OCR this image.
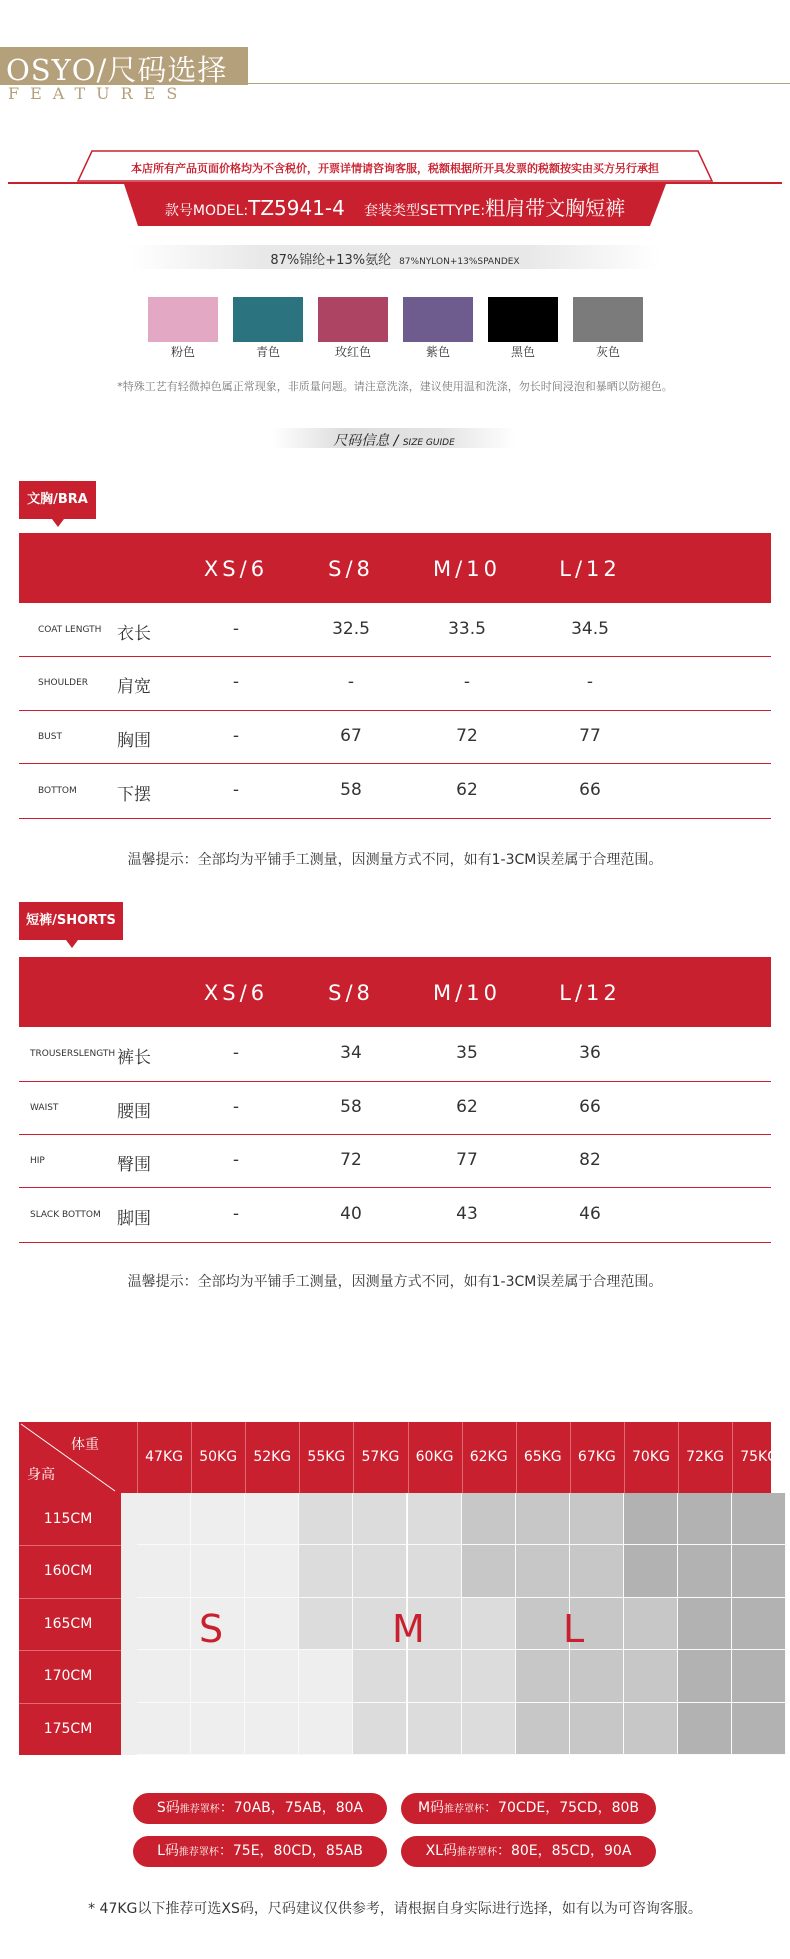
OSYO/尺码选择
FEATURES
本店所有产品页面价格均为不含税价，开票详情请咨询客服，税额根据所开具发票的税额按实由买方另行承担
款号MODEL:TZ5941-4 套装类型SETTYPE:粗肩带文胸短裤
87%锦纶+13%氨纶 87%NYLON+13%SPANDEX
粉色	青色	玫红色	紫色	黑色	灰色
*特殊工艺有轻微掉色属正常现象，非质量问题。请注意洗涤，建议使用温和洗涤，勿长时间浸泡和暴晒以防褪色。
尺码信息 / SIZE GUIDE
文胸/BRA
XS/6	S/8	M/10	L/12
COAT LENGTH 衣长	-	32.5	33.5	34.5
SHOULDER 肩宽	-	-	-	-
BUST	胸围	-	67	72	77
BOTTOM 下摆	-	58	62	66
温馨提示：全部均为平铺手工测量，因测量方式不同，如有1-3CM误差属于合理范围。
短裤/SHORTS
XS/6	S/8	M/10	L/12
TROUSERSLENGTH 裤长	-	34	35	36
WAIST	腰围	-	58	62	66
HIP	臀围	-	72	77	82
SLACK BOTTOM 脚围	-	40	43	46
温馨提示：全部均为平铺手工测量，因测量方式不同，如有1-3CM误差属于合理范围。
体重
身高
47KG	50KG	52KG	55KG	57KG	60KG	62KG	65KG	67KG	70KG	72KG	75KG
115CM
160CM
165CM
170CM
175CM
S	M	L
S码推荐罩杯：70AB，75AB，80A	M码推荐罩杯：70CDE，75CD，80B
L码推荐罩杯：75E，80CD，85AB	XL码推荐罩杯：80E，85CD，90A
* 47KG以下推荐可选XS码，尺码建议仅供参考，请根据自身实际进行选择，如有以为可咨询客服。
